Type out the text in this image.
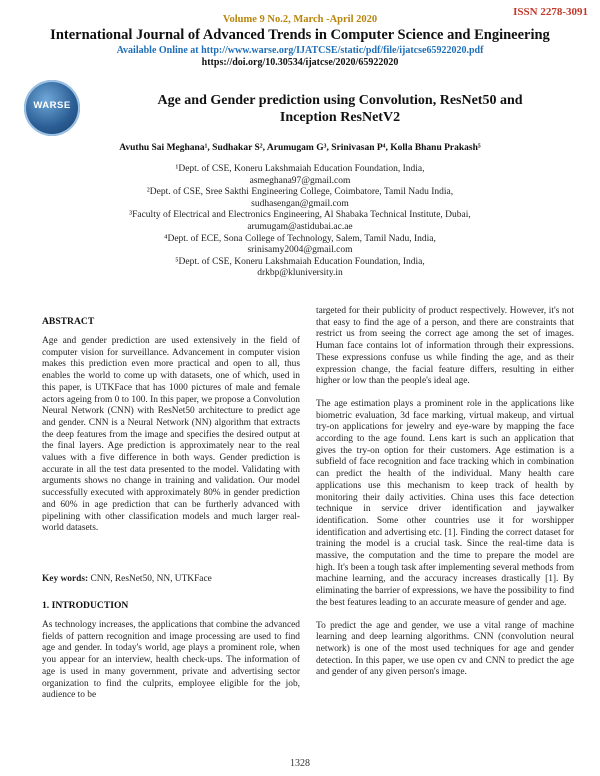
ISSN 2278-3091
Volume 9 No.2, March -April 2020
International Journal of Advanced Trends in Computer Science and Engineering
Available Online at http://www.warse.org/IJATCSE/static/pdf/file/ijatcse65922020.pdf
https://doi.org/10.30534/ijatcse/2020/65922020
WARSE	Age and Gender prediction using Convolution, ResNet50 and
Inception ResNetV2
Avuthu Sai Meghana¹, Sudhakar S², Arumugam G³, Srinivasan P⁴, Kolla Bhanu Prakash⁵
¹Dept. of CSE, Koneru Lakshmaiah Education Foundation, India,
asmeghana97@gmail.com
²Dept. of CSE, Sree Sakthi Engineering College, Coimbatore, Tamil Nadu India,
sudhasengan@gmail.com
³Faculty of Electrical and Electronics Engineering, Al Shabaka Technical Institute, Dubai,
arumugam@astidubai.ac.ae
⁴Dept. of ECE, Sona College of Technology, Salem, Tamil Nadu, India,
srinisamy2004@gmail.com
⁵Dept. of CSE, Koneru Lakshmaiah Education Foundation, India,
drkbp@kluniversity.in
ABSTRACT

Age and gender prediction are used extensively in the field of computer vision for surveillance. Advancement in computer vision makes this prediction even more practical and open to all, thus enables the world to come up with datasets, one of which, used in this paper, is UTKFace that has 1000 pictures of male and female actors ageing from 0 to 100. In this paper, we propose a Convolution Neural Network (CNN) with ResNet50 architecture to predict age and gender. CNN is a Neural Network (NN) algorithm that extracts the deep features from the image and specifies the desired output at the final layers. Age prediction is approximately near to the real values with a five difference in both ways. Gender prediction is accurate in all the test data presented to the model. Validating with arguments shows no change in training and validation. Our model successfully executed with approximately 80% in gender prediction and 60% in age prediction that can be furtherly advanced with pipelining with other classification models and much larger real-world datasets.

Key words: CNN, ResNet50, NN, UTKFace
1. INTRODUCTION

As technology increases, the applications that combine the advanced fields of pattern recognition and image processing are used to find age and gender. In today's world, age plays a prominent role, when you appear for an interview, health check-ups. The information of age is used in many government, private and advertising sector organization to find the culprits, employee eligible for the job, audience to be

targeted for their publicity of product respectively. However, it's not that easy to find the age of a person, and there are constraints that restrict us from seeing the correct age among the set of images. Human face contains lot of information through their expressions. These expressions confuse us while finding the age, and as their expression change, the facial feature differs, resulting in either higher or low than the people's ideal age.

The age estimation plays a prominent role in the applications like biometric evaluation, 3d face marking, virtual makeup, and virtual try-on applications for jewelry and eye-ware by mapping the face according to the age found. Lens kart is such an application that gives the try-on option for their customers. Age estimation is a subfield of face recognition and face tracking which in combination can predict the health of the individual. Many health care applications use this mechanism to keep track of health by monitoring their daily activities. China uses this face detection technique in service driver identification and jaywalker identification. Some other countries use it for worshipper identification and advertising etc. [1]. Finding the correct dataset for training the model is a crucial task. Since the real-time data is massive, the computation and the time to prepare the model are high. It's been a tough task after implementing several methods from machine learning, and the accuracy increases drastically [1]. By eliminating the barrier of expressions, we have the possibility to find the best features leading to an accurate measure of gender and age.

To predict the age and gender, we use a vital range of machine learning and deep learning algorithms. CNN (convolution neural network) is one of the most used techniques for age and gender detection. In this paper, we use open cv and CNN to predict the age and gender of any given person's image.

1328
